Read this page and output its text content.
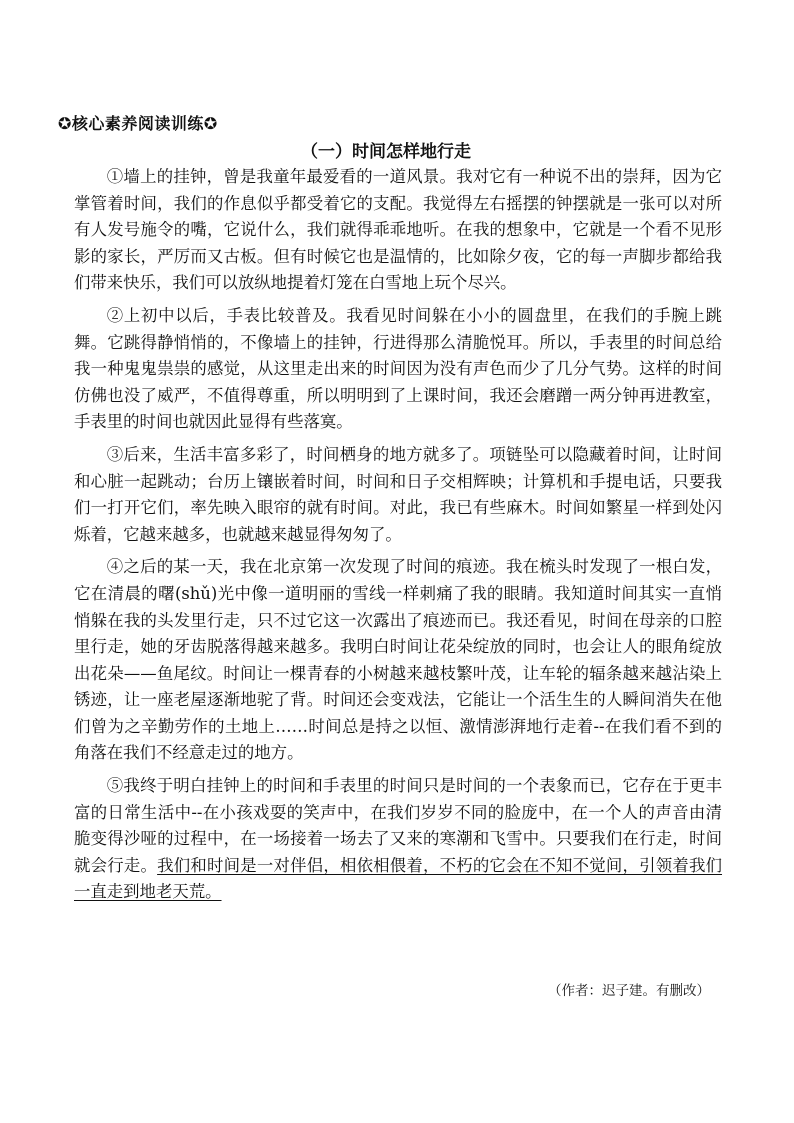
✪核心素养阅读训练✪
（一）时间怎样地行走

①墙上的挂钟，曾是我童年最爱看的一道风景。我对它有一种说不出的崇拜，因为它掌管着时间，我们的作息似乎都受着它的支配。我觉得左右摇摆的钟摆就是一张可以对所有人发号施令的嘴，它说什么，我们就得乖乖地听。在我的想象中，它就是一个看不见形影的家长，严厉而又古板。但有时候它也是温情的，比如除夕夜，它的每一声脚步都给我们带来快乐，我们可以放纵地提着灯笼在白雪地上玩个尽兴。

②上初中以后，手表比较普及。我看见时间躲在小小的圆盘里，在我们的手腕上跳舞。它跳得静悄悄的，不像墙上的挂钟，行进得那么清脆悦耳。所以，手表里的时间总给我一种鬼鬼祟祟的感觉，从这里走出来的时间因为没有声色而少了几分气势。这样的时间仿佛也没了威严，不值得尊重，所以明明到了上课时间，我还会磨蹭一两分钟再进教室，手表里的时间也就因此显得有些落寞。

③后来，生活丰富多彩了，时间栖身的地方就多了。项链坠可以隐藏着时间，让时间和心脏一起跳动；台历上镶嵌着时间，时间和日子交相辉映；计算机和手提电话，只要我们一打开它们，率先映入眼帘的就有时间。对此，我已有些麻木。时间如繁星一样到处闪烁着，它越来越多，也就越来越显得匆匆了。

④之后的某一天，我在北京第一次发现了时间的痕迹。我在梳头时发现了一根白发，它在清晨的曙(shǔ)光中像一道明丽的雪线一样刺痛了我的眼睛。我知道时间其实一直悄悄躲在我的头发里行走，只不过它这一次露出了痕迹而已。我还看见，时间在母亲的口腔里行走，她的牙齿脱落得越来越多。我明白时间让花朵绽放的同时，也会让人的眼角绽放出花朵——鱼尾纹。时间让一棵青春的小树越来越枝繁叶茂，让车轮的辐条越来越沾染上锈迹，让一座老屋逐渐地驼了背。时间还会变戏法，它能让一个活生生的人瞬间消失在他们曾为之辛勤劳作的土地上……时间总是持之以恒、激情澎湃地行走着--在我们看不到的角落在我们不经意走过的地方。

⑤我终于明白挂钟上的时间和手表里的时间只是时间的一个表象而已，它存在于更丰富的日常生活中--在小孩戏耍的笑声中，在我们岁岁不同的脸庞中，在一个人的声音由清脆变得沙哑的过程中，在一场接着一场去了又来的寒潮和飞雪中。只要我们在行走，时间就会行走。我们和时间是一对伴侣，相依相偎着，不朽的它会在不知不觉间，引领着我们一直走到地老天荒。

（作者：迟子建。有删改）
